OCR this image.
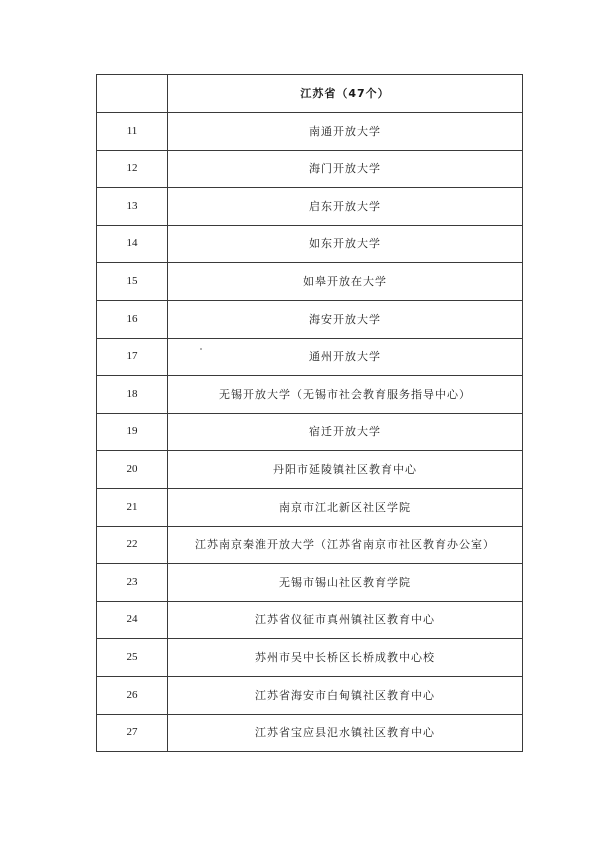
	江苏省（47个）
11	南通开放大学
12	海门开放大学
13	启东开放大学
14	如东开放大学
15	如皋开放在大学
16	海安开放大学
17	通州开放大学
18	无锡开放大学（无锡市社会教育服务指导中心）
19	宿迁开放大学
20	丹阳市延陵镇社区教育中心
21	南京市江北新区社区学院
22	江苏南京秦淮开放大学（江苏省南京市社区教育办公室）
23	无锡市锡山社区教育学院
24	江苏省仪征市真州镇社区教育中心
25	苏州市吴中长桥区长桥成教中心校
26	江苏省海安市白甸镇社区教育中心
27	江苏省宝应县氾水镇社区教育中心
